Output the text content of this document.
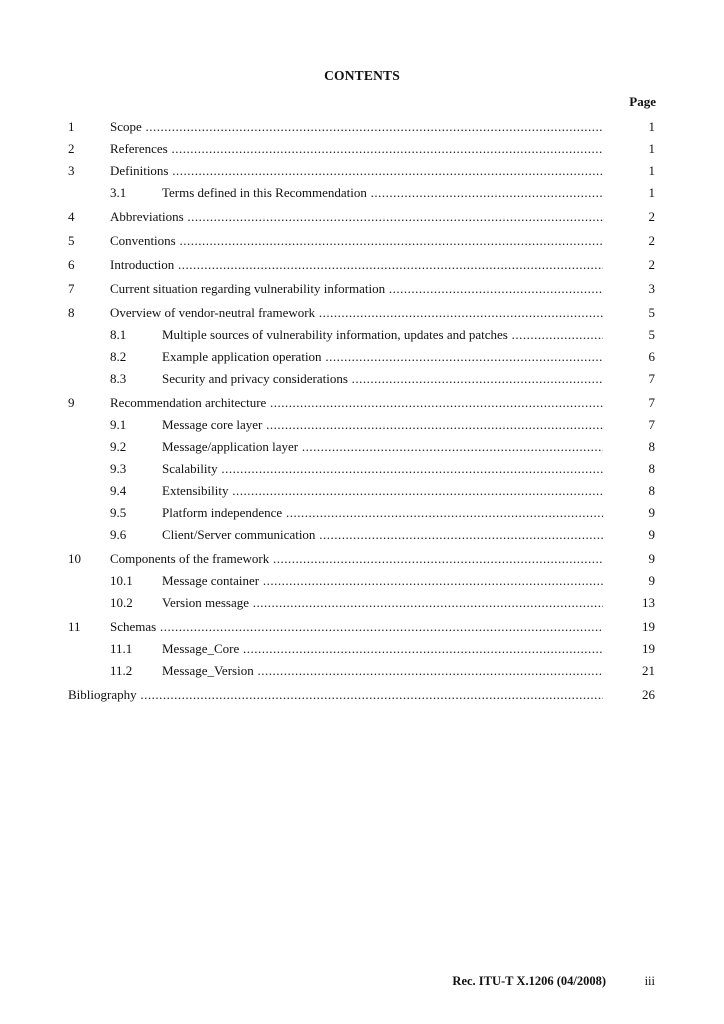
CONTENTS
Page
1	Scope .....	1
2	References .....	1
3	Definitions .....	1
3.1	Terms defined in this Recommendation .....	1
4	Abbreviations .....	2
5	Conventions .....	2
6	Introduction .....	2
7	Current situation regarding vulnerability information .....	3
8	Overview of vendor-neutral framework .....	5
8.1	Multiple sources of vulnerability information, updates and patches .....	5
8.2	Example application operation .....	6
8.3	Security and privacy considerations .....	7
9	Recommendation architecture .....	7
9.1	Message core layer .....	7
9.2	Message/application layer .....	8
9.3	Scalability .....	8
9.4	Extensibility .....	8
9.5	Platform independence .....	9
9.6	Client/Server communication .....	9
10 Components of the framework .....	9
10.1 Message container .....	9
10.2 Version message .....	13
11 Schemas .....	19
11.1 Message_Core .....	19
11.2 Message_Version .....	21
Bibliography .....	26
Rec. ITU-T X.1206 (04/2008)	iii
